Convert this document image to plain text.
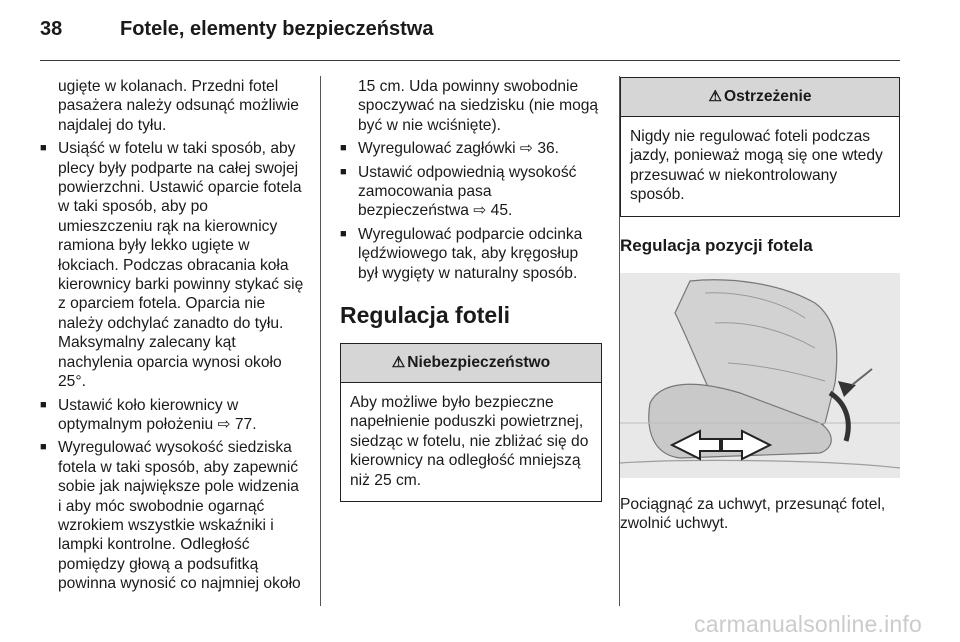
38	Fotele, elementy bezpieczeństwa

ugięte w kolanach. Przedni fotel pasażera należy odsunąć możliwie najdalej do tyłu.

■ Usiąść w fotelu w taki sposób, aby plecy były podparte na całej swojej powierzchni. Ustawić oparcie fotela w taki sposób, aby po umieszczeniu rąk na kierownicy ramiona były lekko ugięte w łokciach. Podczas obracania koła kierownicy barki powinny stykać się z oparciem fotela. Oparcia nie należy odchylać zanadto do tyłu. Maksymalny zalecany kąt nachylenia oparcia wynosi około 25°.

■ Ustawić koło kierownicy w optymalnym położeniu ⇨ 77.

■ Wyregulować wysokość siedziska fotela w taki sposób, aby zapewnić sobie jak największe pole widzenia i aby móc swobodnie ogarnąć wzrokiem wszystkie wskaźniki i lampki kontrolne. Odległość pomiędzy głową a podsufitką powinna wynosić co najmniej około

15 cm. Uda powinny swobodnie spoczywać na siedzisku (nie mogą być w nie wciśnięte).

■ Wyregulować zagłówki ⇨ 36.

■ Ustawić odpowiednią wysokość zamocowania pasa bezpieczeństwa ⇨ 45.

■ Wyregulować podparcie odcinka lędźwiowego tak, aby kręgosłup był wygięty w naturalny sposób.

Regulacja foteli
⚠ Niebezpieczeństwo
Aby możliwe było bezpieczne napełnienie poduszki powietrznej, siedząc w fotelu, nie zbliżać się do kierownicy na odległość mniejszą niż 25 cm.
⚠ Ostrzeżenie
Nigdy nie regulować foteli podczas jazdy, ponieważ mogą się one wtedy przesuwać w niekontrolowany sposób.
Regulacja pozycji fotela
Pociągnąć za uchwyt, przesunąć fotel, zwolnić uchwyt.
carmanualsonline.info
